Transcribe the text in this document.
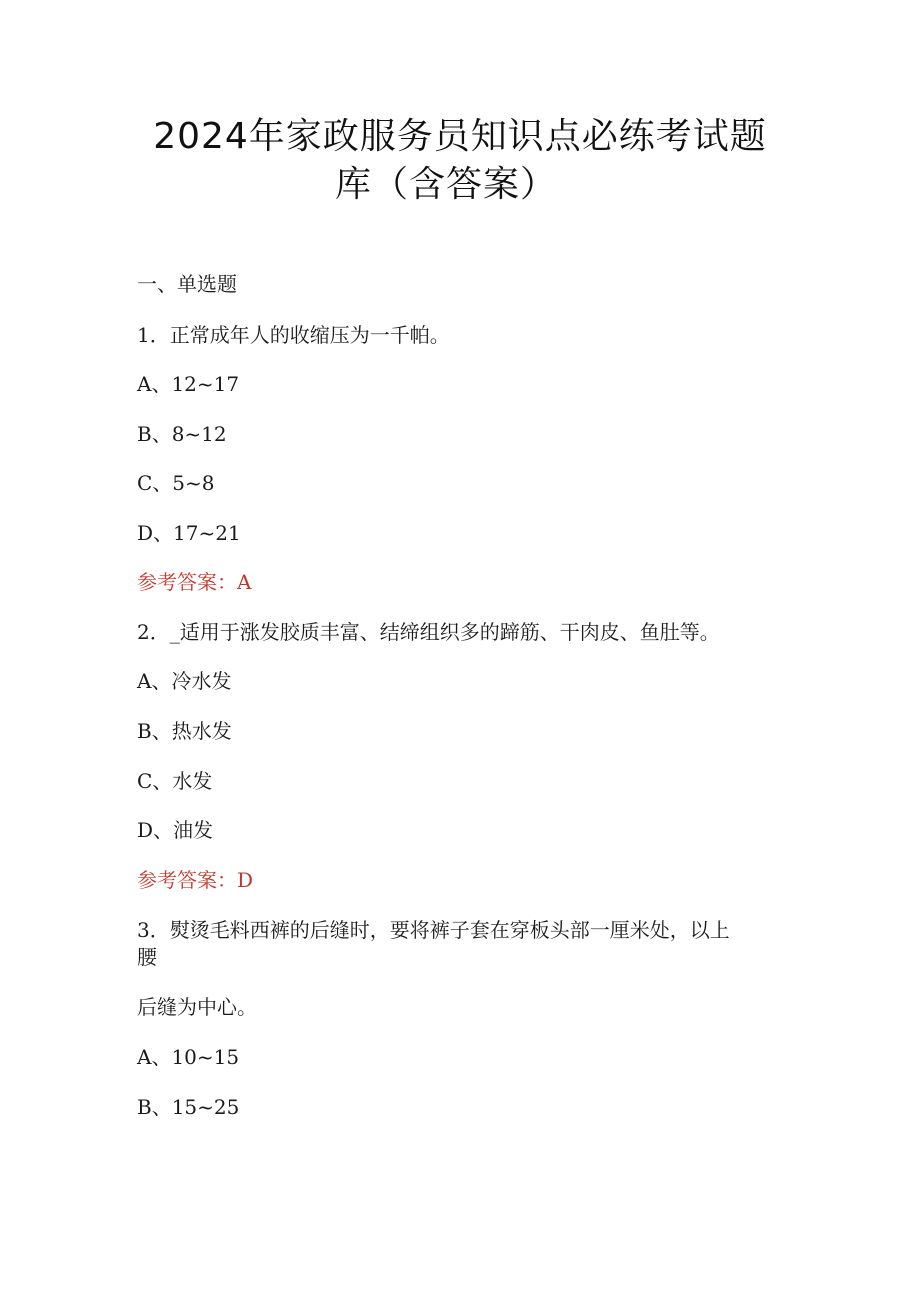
2024年家政服务员知识点必练考试题
库（含答案）
一、单选题
1．正常成年人的收缩压为一千帕。
A、12~17
B、8~12
C、5~8
D、17~21
参考答案：A
2．_适用于涨发胶质丰富、结缔组织多的蹄筋、干肉皮、鱼肚等。
A、冷水发
B、热水发
C、水发
D、油发
参考答案：D
3．熨烫毛料西裤的后缝时，要将裤子套在穿板头部一厘米处，以上
腰
后缝为中心。
A、10~15
B、15~25
